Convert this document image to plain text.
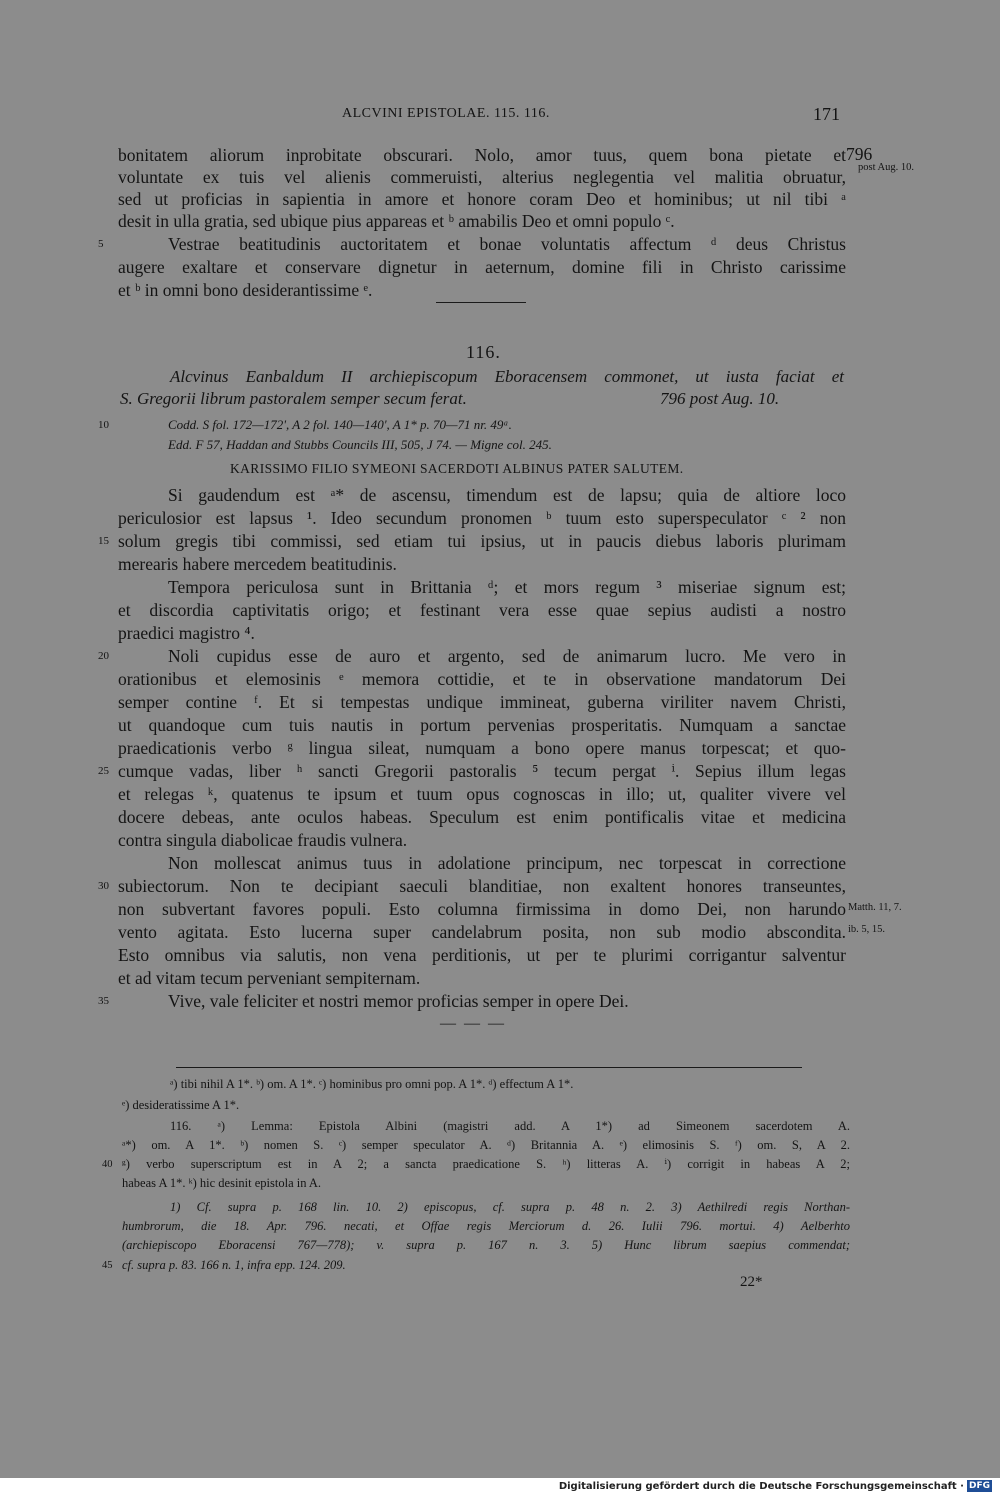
ALCVINI EPISTOLAE. 115. 116.	171
796
post Aug. 10.
Matth. 11, 7.
ib. 5, 15.
bonitatem aliorum inprobitate obscurari. Nolo, amor tuus, quem bona pietate et
voluntate ex tuis vel alienis commeruisti, alterius neglegentia vel malitia obruatur,
sed ut proficias in sapientia in amore et honore coram Deo et hominibus; ut nil tibi ᵃ
desit in ulla gratia, sed ubique pius appareas et ᵇ amabilis Deo et omni populo ᶜ.
5	Vestrae beatitudinis auctoritatem et bonae voluntatis affectum ᵈ deus Christus
augere exaltare et conservare dignetur in aeternum, domine fili in Christo carissime
et ᵇ in omni bono desiderantissime ᵉ.
116.
Alcvinus Eanbaldum II archiepiscopum Eboracensem commonet, ut iusta faciat et
S. Gregorii librum pastoralem semper secum ferat.	796 post Aug. 10.
10	Codd. S fol. 172—172', A 2 fol. 140—140', A 1* p. 70—71 nr. 49ᵃ.
Edd. F 57, Haddan and Stubbs Councils III, 505, J 74. — Migne col. 245.
KARISSIMO FILIO SYMEONI SACERDOTI ALBINUS PATER SALUTEM.
Si gaudendum est ᵃ* de ascensu, timendum est de lapsu; quia de altiore loco
periculosior est lapsus ¹. Ideo secundum pronomen ᵇ tuum esto superspeculator ᶜ ² non
15 solum gregis tibi commissi, sed etiam tui ipsius, ut in paucis diebus laboris plurimam
merearis habere mercedem beatitudinis.
Tempora periculosa sunt in Brittania ᵈ; et mors regum ³ miseriae signum est;
et discordia captivitatis origo; et festinant vera esse quae sepius audisti a nostro
praedici magistro ⁴.
20	Noli cupidus esse de auro et argento, sed de animarum lucro. Me vero in
orationibus et elemosinis ᵉ memora cottidie, et te in observatione mandatorum Dei
semper contine ᶠ. Et si tempestas undique immineat, guberna viriliter navem Christi,
ut quandoque cum tuis nautis in portum pervenias prosperitatis. Numquam a sanctae
praedicationis verbo ᵍ lingua sileat, numquam a bono opere manus torpescat; et quo-
25 cumque vadas, liber ʰ sancti Gregorii pastoralis ⁵ tecum pergat ⁱ. Sepius illum legas
et relegas ᵏ, quatenus te ipsum et tuum opus cognoscas in illo; ut, qualiter vivere vel
docere debeas, ante oculos habeas. Speculum est enim pontificalis vitae et medicina
contra singula diabolicae fraudis vulnera.
Non mollescat animus tuus in adolatione principum, nec torpescat in correctione
30 subiectorum. Non te decipiant saeculi blanditiae, non exaltent honores transeuntes,
non subvertant favores populi. Esto columna firmissima in domo Dei, non harundo
vento agitata. Esto lucerna super candelabrum posita, non sub modio abscondita.
Esto omnibus via salutis, non vena perditionis, ut per te plurimi corrigantur salventur
et ad vitam tecum perveniant sempiternam.
35	Vive, vale feliciter et nostri memor proficias semper in opere Dei.
— — —
ᵃ) tibi nihil A 1*. ᵇ) om. A 1*. ᶜ) hominibus pro omni pop. A 1*. ᵈ) effectum A 1*.
ᵉ) desideratissime A 1*.
116. ᵃ) Lemma: Epistola Albini (magistri add. A 1*) ad Simeonem sacerdotem A.
ᵃ*) om. A 1*. ᵇ) nomen S. ᶜ) semper speculator A. ᵈ) Britannia A. ᵉ) elimosinis S. ᶠ) om. S, A 2.
40 ᵍ) verbo superscriptum est in A 2; a sancta praedicatione S. ʰ) litteras A. ⁱ) corrigit in habeas A 2;
habeas A 1*. ᵏ) hic desinit epistola in A.
1) Cf. supra p. 168 lin. 10. 2) episcopus, cf. supra p. 48 n. 2. 3) Aethilredi regis Northan-
humbrorum, die 18. Apr. 796. necati, et Offae regis Merciorum d. 26. Iulii 796. mortui. 4) Aelberhto
(archiepiscopo Eboracensi 767—778); v. supra p. 167 n. 3. 5) Hunc librum saepius commendat;
45 cf. supra p. 83. 166 n. 1, infra epp. 124. 209.
22*
Digitalisierung gefördert durch die Deutsche Forschungsgemeinschaft · DFG
